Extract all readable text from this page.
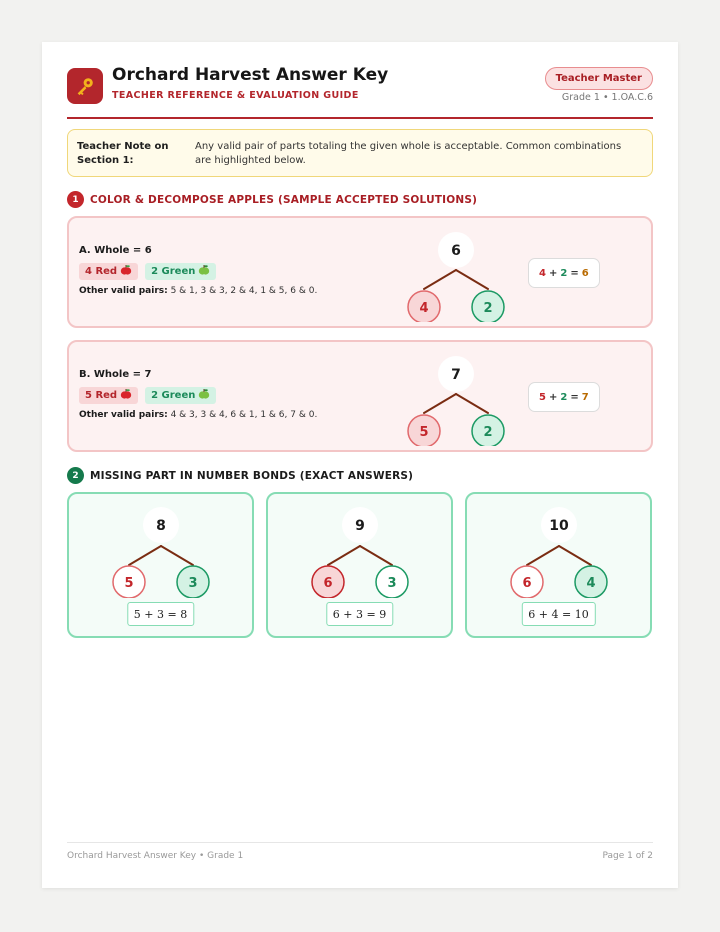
Orchard Harvest Answer Key
TEACHER REFERENCE & EVALUATION GUIDE
Teacher Master
Grade 1 • 1.OA.C.6
Teacher Note on Section 1:
Any valid pair of parts totaling the given whole is acceptable. Common combinations are highlighted below.
1	COLOR & DECOMPOSE APPLES (SAMPLE ACCEPTED SOLUTIONS)
A. Whole = 6
4 Red	2 Green
Other valid pairs: 5 & 1, 3 & 3, 2 & 4, 1 & 5, 6 & 0.
6
4	2
4 + 2 = 6
B. Whole = 7
5 Red	2 Green
Other valid pairs: 4 & 3, 3 & 4, 6 & 1, 1 & 6, 7 & 0.
7
5	2
5 + 2 = 7
2	MISSING PART IN NUMBER BONDS (EXACT ANSWERS)
8
5	3
5 + 3 = 8
9
6	3
6 + 3 = 9
10
6	4
6 + 4 = 10
Orchard Harvest Answer Key • Grade 1	Page 1 of 2
